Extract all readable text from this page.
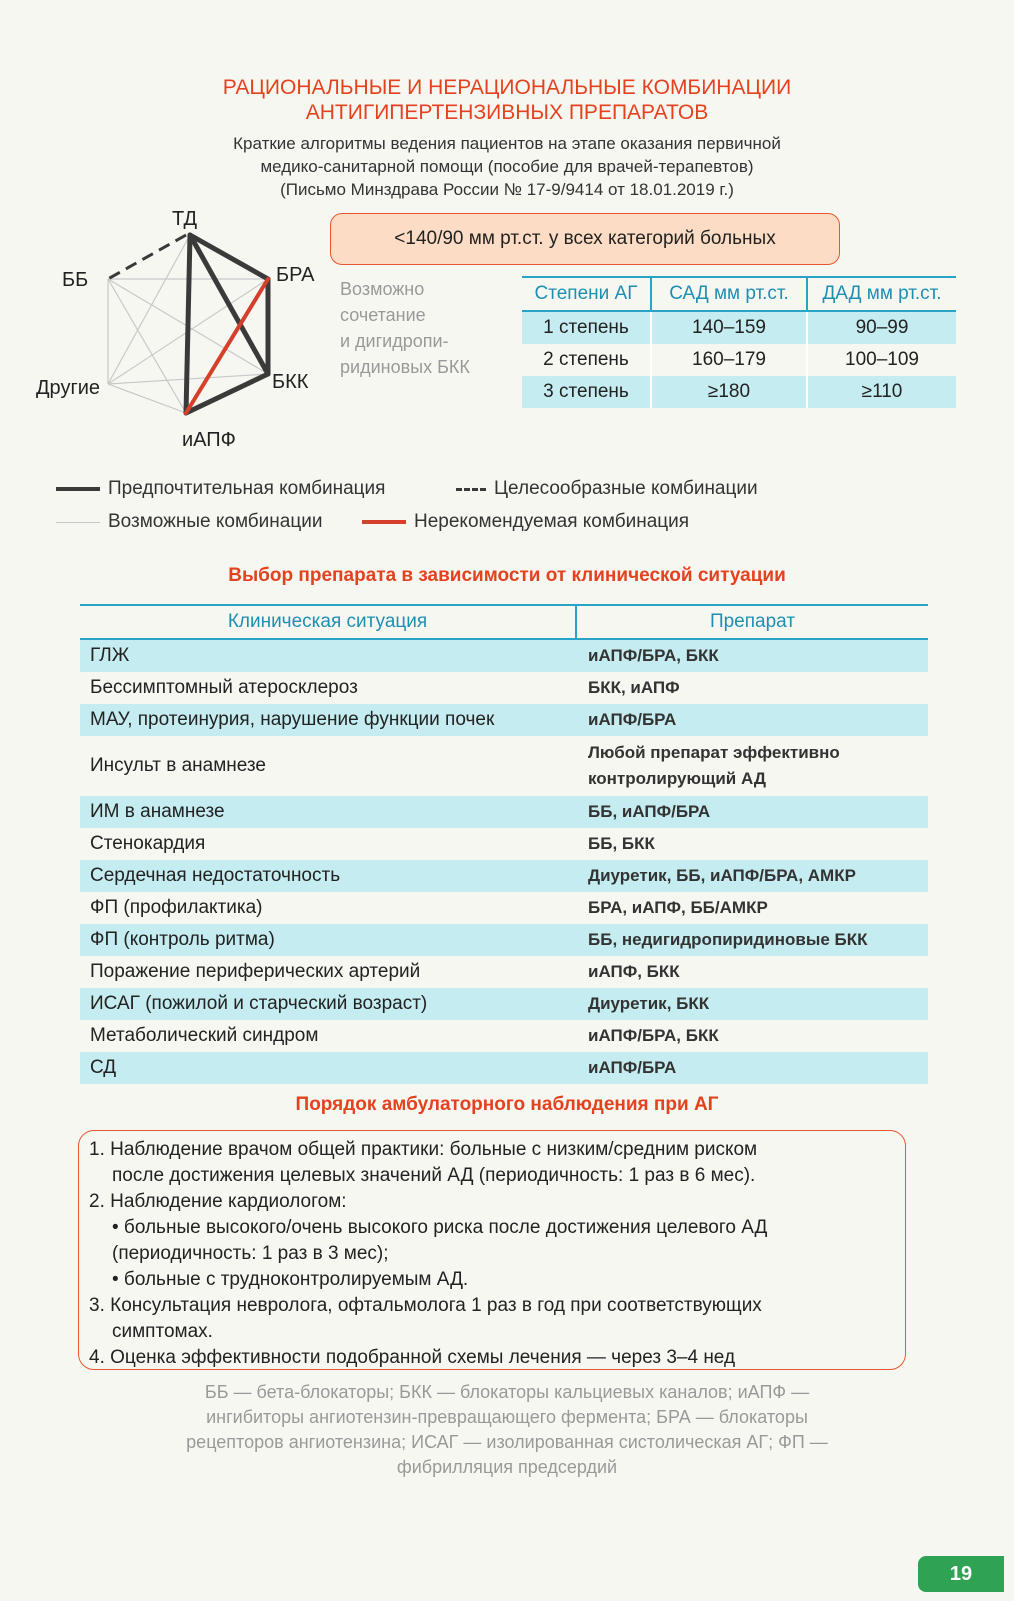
РАЦИОНАЛЬНЫЕ И НЕРАЦИОНАЛЬНЫЕ КОМБИНАЦИИ
АНТИГИПЕРТЕНЗИВНЫХ ПРЕПАРАТОВ
Краткие алгоритмы ведения пациентов на этапе оказания первичной
медико-санитарной помощи (пособие для врачей-терапевтов)
(Письмо Минздрава России № 17-9/9414 от 18.01.2019 г.)
ТД
БРА
БКК
иАПФ
Другие
ББ	Возможно
сочетание
и дигидропи-
ридиновых БКК
<140/90 мм рт.ст. у всех категорий больных
Степени АГ	САД мм рт.ст.	ДАД мм рт.ст.
1 степень	140–159	90–99
2 степень	160–179	100–109
3 степень	≥180	≥110
Предпочтительная комбинация	Целесообразные комбинации
Возможные комбинации	Нерекомендуемая комбинация
Выбор препарата в зависимости от клинической ситуации
Клиническая ситуация	Препарат
ГЛЖ	иАПФ/БРА, БКК
Бессимптомный атеросклероз	БКК, иАПФ
МАУ, протеинурия, нарушение функции почек	иАПФ/БРА
Инсульт в анамнезе	Любой препарат эффективно контролирующий АД
ИМ в анамнезе	ББ, иАПФ/БРА
Стенокардия	ББ, БКК
Сердечная недостаточность	Диуретик, ББ, иАПФ/БРА, АМКР
ФП (профилактика)	БРА, иАПФ, ББ/АМКР
ФП (контроль ритма)	ББ, недигидропиридиновые БКК
Поражение периферических артерий	иАПФ, БКК
ИСАГ (пожилой и старческий возраст)	Диуретик, БКК
Метаболический синдром	иАПФ/БРА, БКК
СД	иАПФ/БРА
Порядок амбулаторного наблюдения при АГ
1. Наблюдение врачом общей практики: больные с низким/средним риском
после достижения целевых значений АД (периодичность: 1 раз в 6 мес).
2. Наблюдение кардиологом:
• больные высокого/очень высокого риска после достижения целевого АД
(периодичность: 1 раз в 3 мес);
• больные с трудноконтролируемым АД.
3. Консультация невролога, офтальмолога 1 раз в год при соответствующих
симптомах.
4. Оценка эффективности подобранной схемы лечения — через 3–4 нед
ББ — бета-блокаторы; БКК — блокаторы кальциевых каналов; иАПФ —
ингибиторы ангиотензин-превращающего фермента; БРА — блокаторы
рецепторов ангиотензина; ИСАГ — изолированная систолическая АГ; ФП —
фибрилляция предсердий
19
